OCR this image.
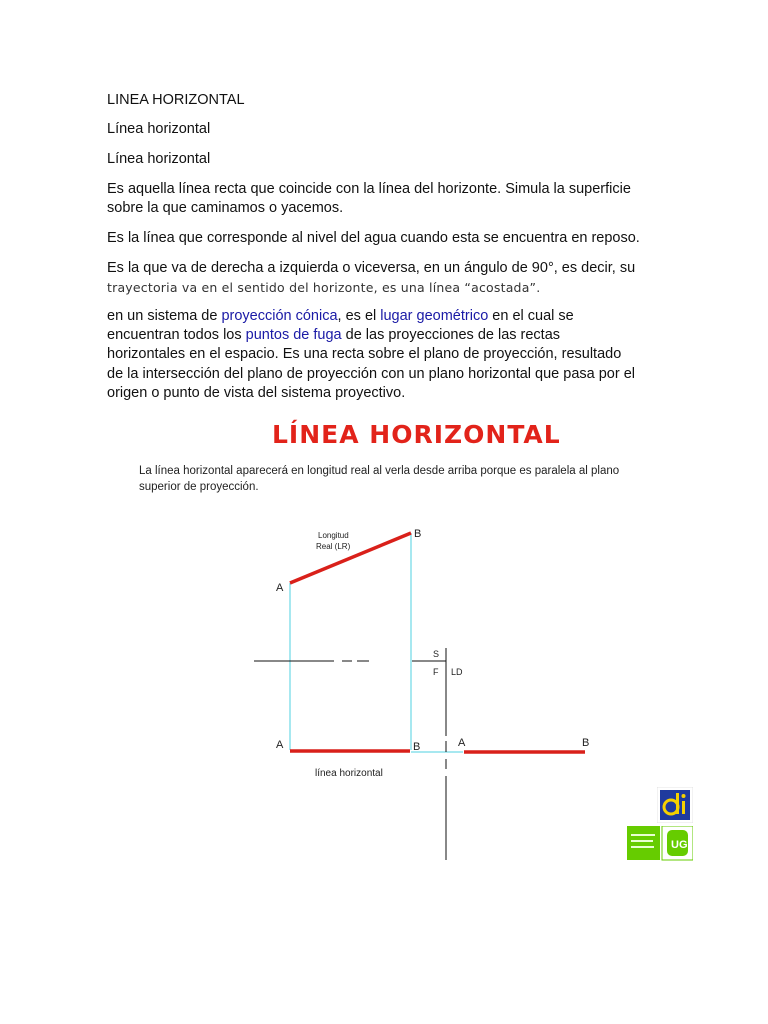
LINEA HORIZONTAL
Línea horizontal
Línea horizontal
Es aquella línea recta que coincide con la línea del horizonte. Simula la superficie
sobre la que caminamos o yacemos.
Es la línea que corresponde al nivel del agua cuando esta se encuentra en reposo.
Es la que va de derecha a izquierda o viceversa, en un ángulo de 90°, es decir, su
trayectoria va en el sentido del horizonte, es una línea “acostada”.
en un sistema de proyección cónica, es el lugar geométrico en el cual se
encuentran todos los puntos de fuga de las proyecciones de las rectas
horizontales en el espacio. Es una recta sobre el plano de proyección, resultado
de la intersección del plano de proyección con un plano horizontal que pasa por el
origen o punto de vista del sistema proyectivo.
LÍNEA HORIZONTAL
La línea horizontal aparecerá en longitud real al verla desde arriba porque es paralela al plano
superior de proyección.
Longitud
Real (LR)
A
B
S
F LD
A	B	A	B
línea horizontal
UG
